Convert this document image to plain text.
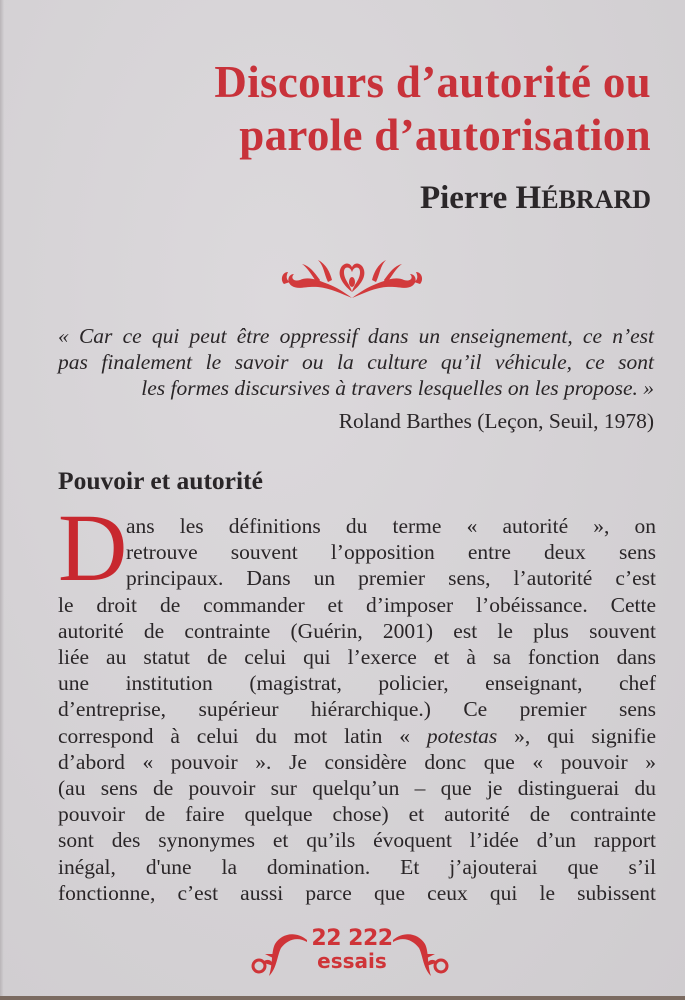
Discours d’autorité ou
parole d’autorisation
Pierre HÉBRARD
« Car ce qui peut être oppressif dans un enseignement, ce n’est
pas finalement le savoir ou la culture qu’il véhicule, ce sont
les formes discursives à travers lesquelles on les propose. »
Roland Barthes (Leçon, Seuil, 1978)
Pouvoir et autorité
D
ans les définitions du terme « autorité », on
retrouve souvent l’opposition entre deux sens
principaux. Dans un premier sens, l’autorité c’est
le droit de commander et d’imposer l’obéissance. Cette
autorité de contrainte (Guérin, 2001) est le plus souvent
liée au statut de celui qui l’exerce et à sa fonction dans
une institution (magistrat, policier, enseignant, chef
d’entreprise, supérieur hiérarchique.) Ce premier sens
correspond à celui du mot latin « potestas », qui signifie
d’abord « pouvoir ». Je considère donc que « pouvoir »
(au sens de pouvoir sur quelqu’un – que je distinguerai du
pouvoir de faire quelque chose) et autorité de contrainte
sont des synonymes et qu’ils évoquent l’idée d’un rapport
inégal, d'une la domination. Et j’ajouterai que s’il
fonctionne, c’est aussi parce que ceux qui le subissent
22 222
essais
